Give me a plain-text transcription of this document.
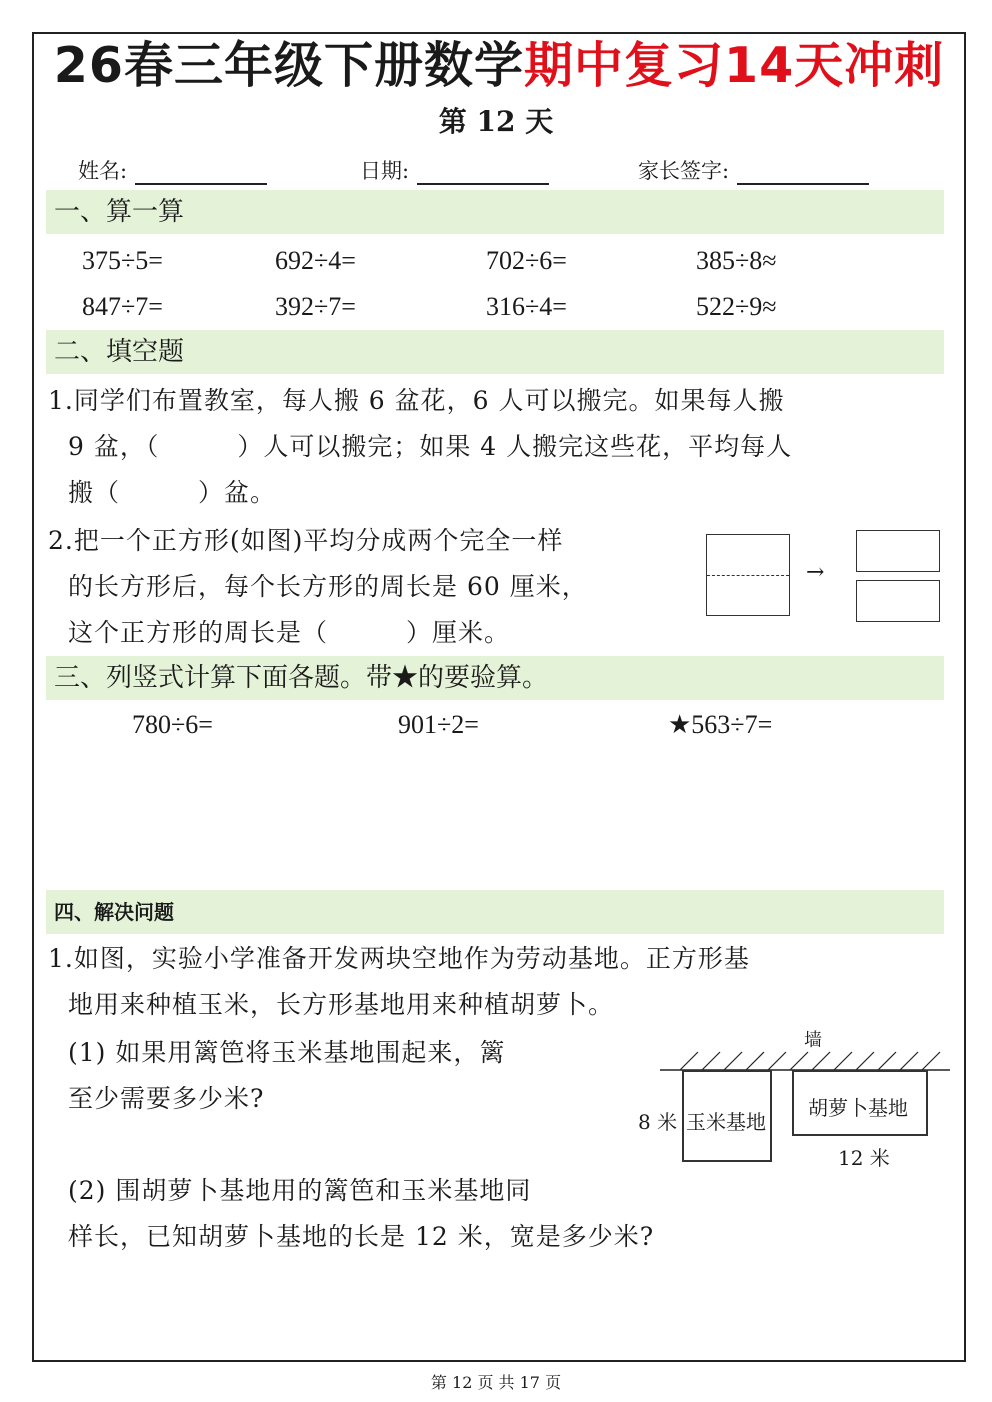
26春三年级下册数学期中复习14天冲刺
第 12 天
姓名:	日期:	家长签字:
一、算一算
375÷5=	692÷4=	702÷6=	385÷8≈
847÷7=	392÷7=	316÷4=	522÷9≈
二、填空题
1.同学们布置教室，每人搬 6 盆花，6 人可以搬完。如果每人搬
9 盆，（　　　）人可以搬完；如果 4 人搬完这些花，平均每人
搬（　　　）盆。
2.把一个正方形(如图)平均分成两个完全一样
的长方形后，每个长方形的周长是 60 厘米，
这个正方形的周长是（　　　）厘米。
→
三、列竖式计算下面各题。带★的要验算。
780÷6=	901÷2=	★563÷7=
四、解决问题
1.如图，实验小学准备开发两块空地作为劳动基地。正方形基
地用来种植玉米，长方形基地用来种植胡萝卜。
(1) 如果用篱笆将玉米基地围起来，篱
至少需要多少米?
(2) 围胡萝卜基地用的篱笆和玉米基地同
样长，已知胡萝卜基地的长是 12 米，宽是多少米?
墙
玉米基地
8 米
胡萝卜基地
12 米
第 12 页 共 17 页
